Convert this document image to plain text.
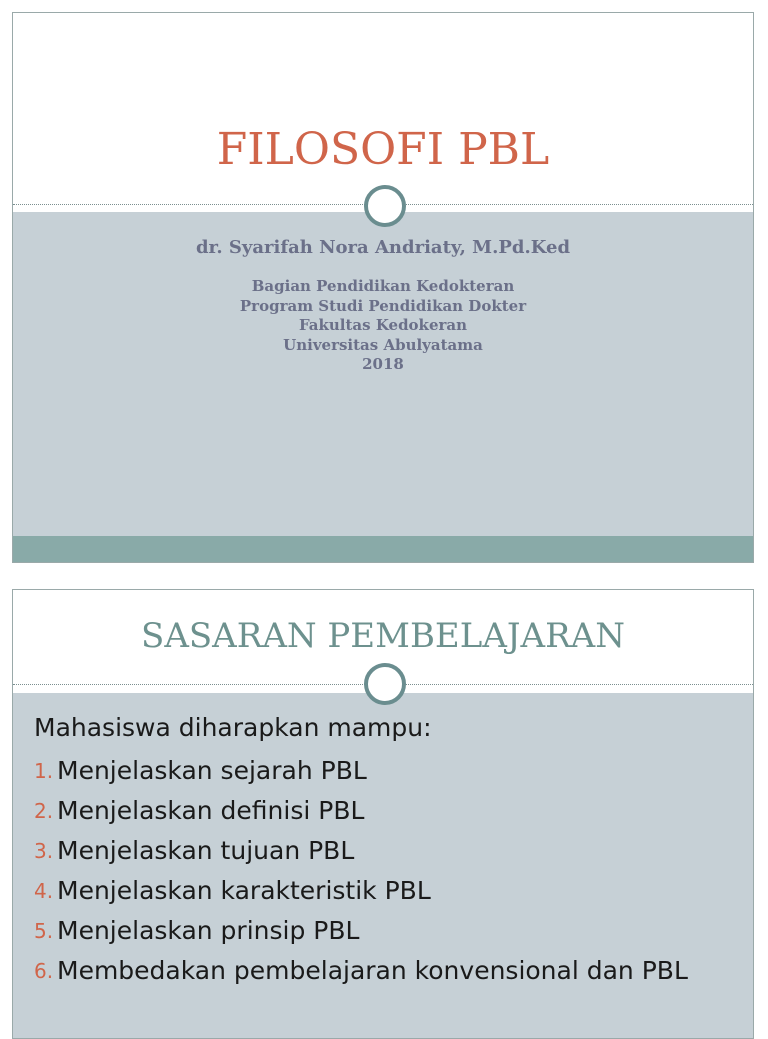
FILOSOFI PBL

dr. Syarifah Nora Andriaty, M.Pd.Ked

Bagian Pendidikan Kedokteran

Program Studi Pendidikan Dokter

Fakultas Kedokeran

Universitas Abulyatama

2018

SASARAN PEMBELAJARAN

Mahasiswa diharapkan mampu:

1. Menjelaskan sejarah PBL
2. Menjelaskan definisi PBL
3. Menjelaskan tujuan PBL
4. Menjelaskan karakteristik PBL
5. Menjelaskan prinsip PBL
6. Membedakan pembelajaran konvensional dan PBL
